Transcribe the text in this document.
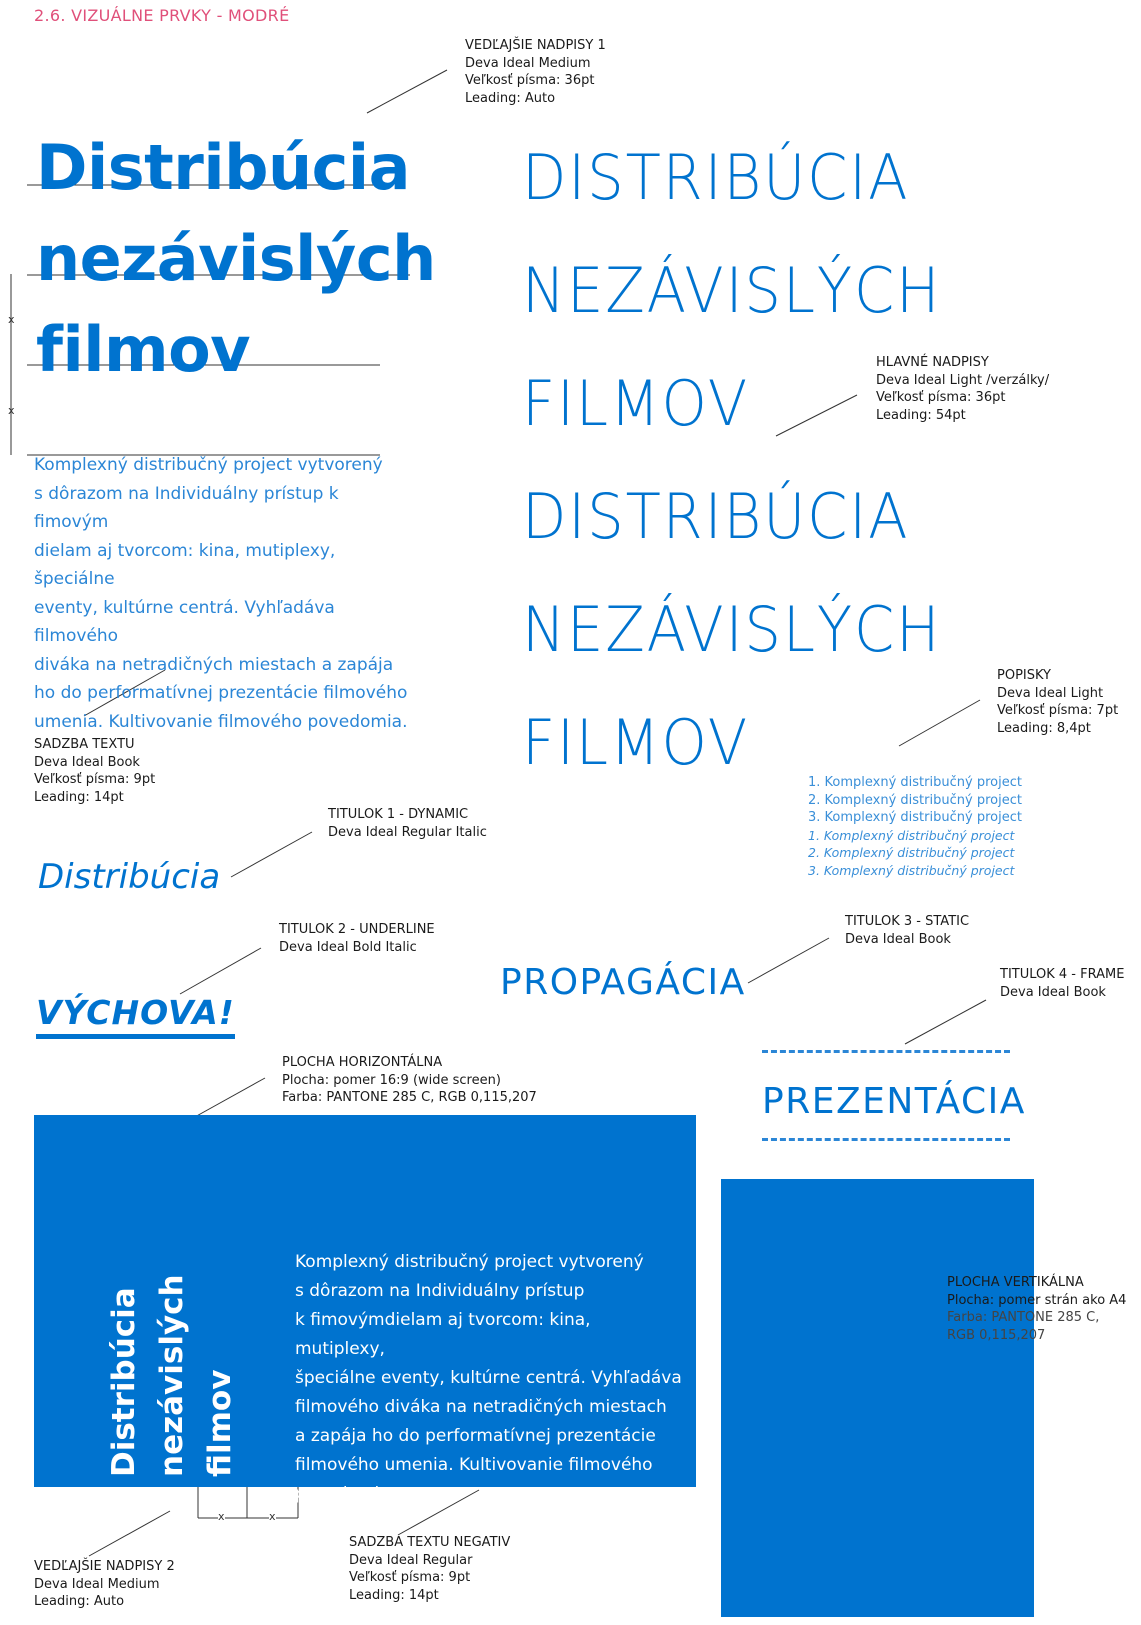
2.6. VIZUÁLNE PRVKY - MODRÉ
x
x
x	x
VEDĽAJŠIE NADPISY 1
Deva Ideal Medium
Veľkosť písma: 36pt
Leading: Auto
HLAVNÉ NADPISY
Deva Ideal Light /verzálky/
Veľkosť písma: 36pt
Leading: 54pt
POPISKY
Deva Ideal Light
Veľkosť písma: 7pt
Leading: 8,4pt
SADZBA TEXTU
Deva Ideal Book
Veľkosť písma: 9pt
Leading: 14pt
TITULOK 1 - DYNAMIC
Deva Ideal Regular Italic
TITULOK 2 - UNDERLINE
Deva Ideal Bold Italic
TITULOK 3 - STATIC
Deva Ideal Book
TITULOK 4 - FRAME
Deva Ideal Book
PLOCHA HORIZONTÁLNA
Plocha: pomer 16:9 (wide screen)
Farba: PANTONE 285 C, RGB 0,115,207
Distribúcia
nezávislých
filmov
Komplexný distribučný project vytvorený
s dôrazom na Individuálny prístup k fimovým
dielam aj tvorcom: kina, mutiplexy, špeciálne
eventy, kultúrne centrá. Vyhľadáva filmového
diváka na netradičných miestach a zapája
ho do performatívnej prezentácie filmového
umenia. Kultivovanie filmového povedomia.
DISTRIBÚCIA
NEZÁVISLÝCH
FILMOV
DISTRIBÚCIA
NEZÁVISLÝCH
FILMOV
1. Komplexný distribučný project
2. Komplexný distribučný project
3. Komplexný distribučný project
1. Komplexný distribučný project
2. Komplexný distribučný project
3. Komplexný distribučný project
Distribúcia
VÝCHOVA!
PROPAGÁCIA
PREZENTÁCIA
Distribúcia nezávislých filmov
Komplexný distribučný project vytvorený
s dôrazom na Individuálny prístup
k fimovýmdielam aj tvorcom: kina, mutiplexy,
špeciálne eventy, kultúrne centrá. Vyhľadáva
filmového diváka na netradičných miestach
a zapája ho do performatívnej prezentácie
filmového umenia. Kultivovanie filmového
povedomia.
PLOCHA VERTIKÁLNA
Plocha: pomer strán ako A4
Farba: PANTONE 285 C,
RGB 0,115,207
VEDĽAJŠIE NADPISY 2
Deva Ideal Medium
Leading: Auto
SADZBA TEXTU NEGATIV
Deva Ideal Regular
Veľkosť písma: 9pt
Leading: 14pt
